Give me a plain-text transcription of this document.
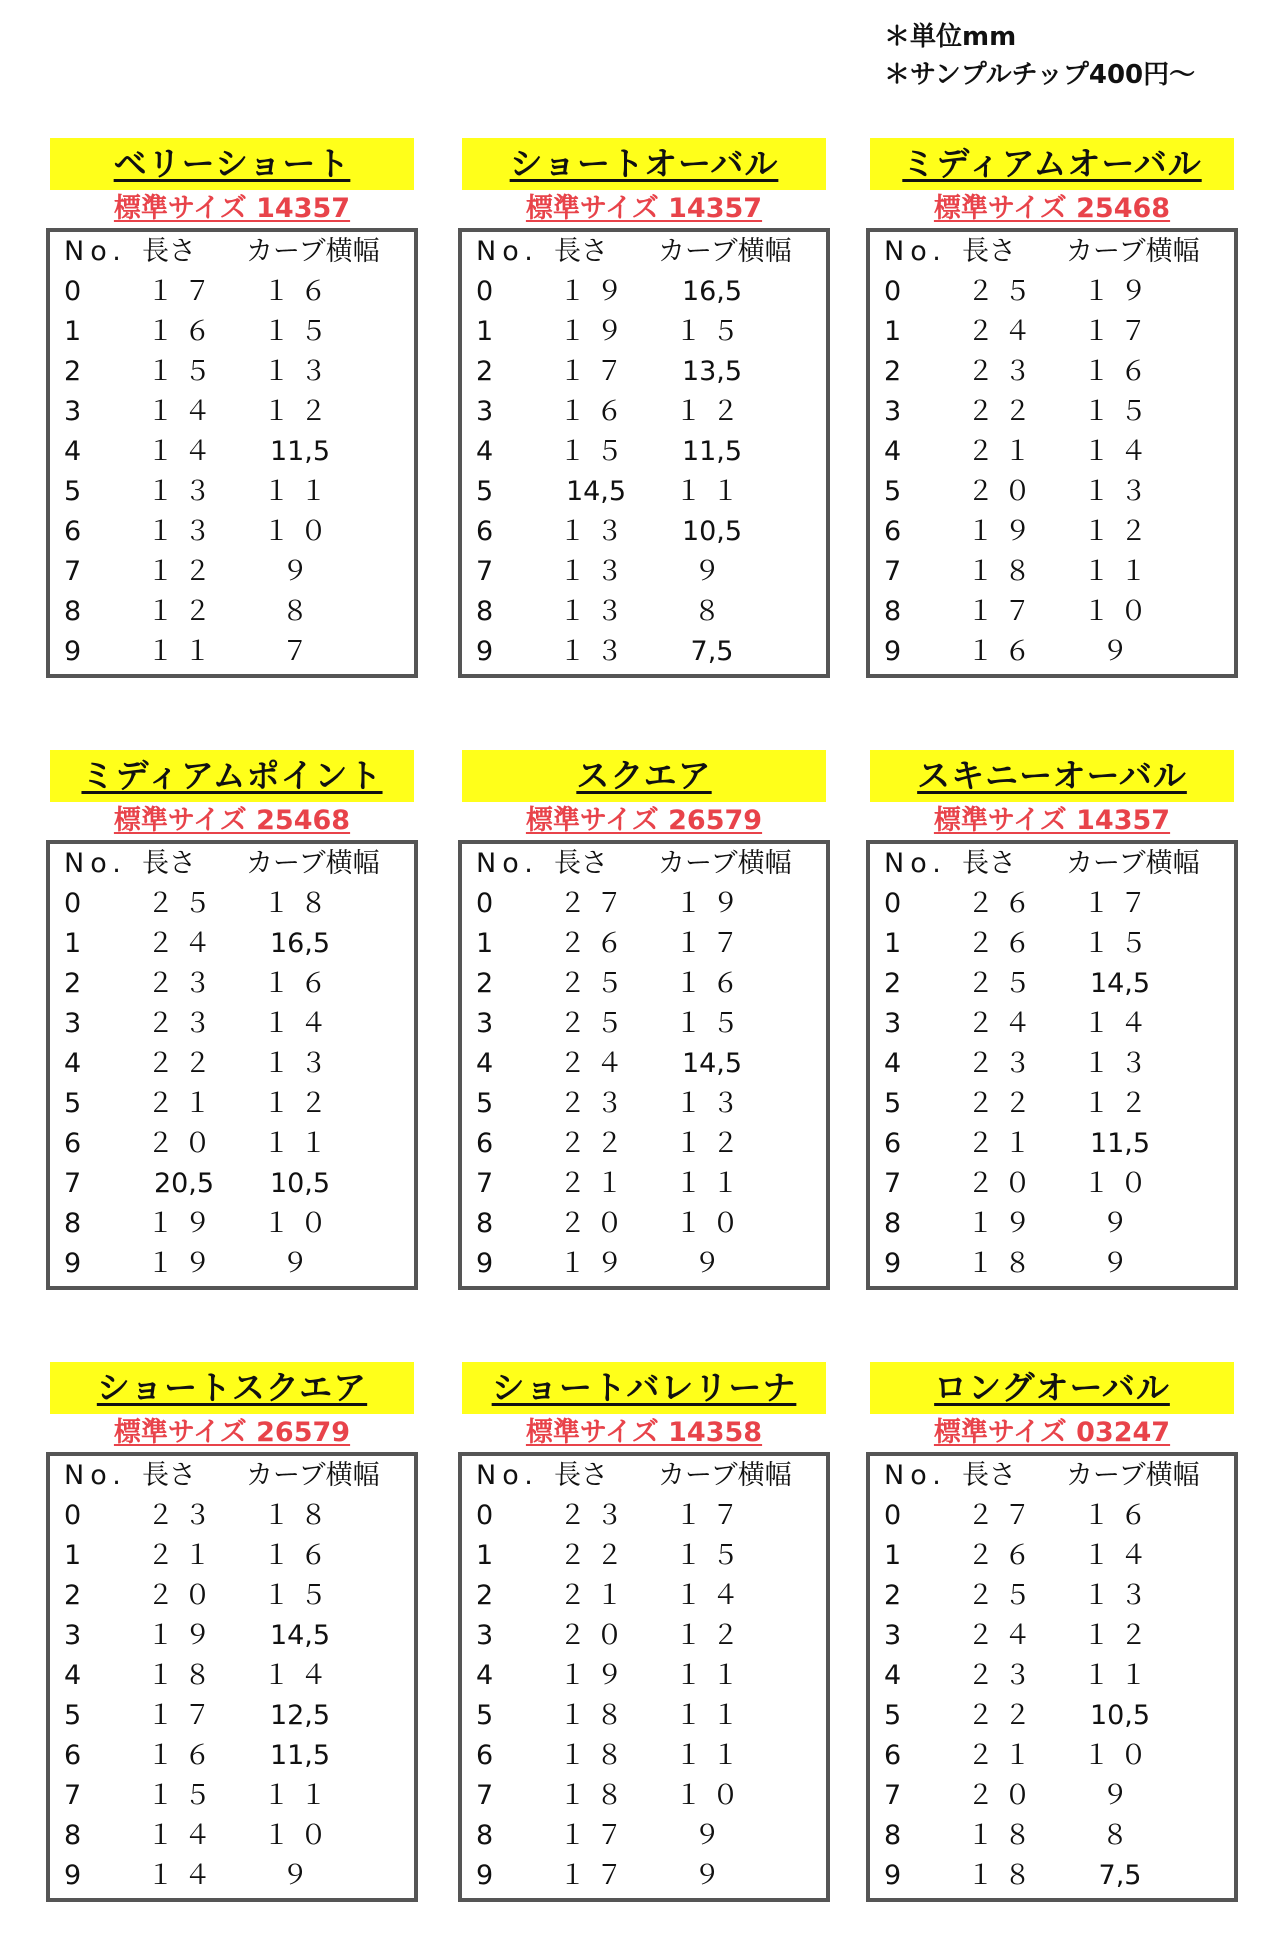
＊単位mm
＊サンプルチップ400円〜
ベリーショート
標準サイズ 14357
No. 長さ カーブ横幅
0	１７	１６
1	１６	１５
2	１５	１３
3	１４	１２
4	１４	11,5
5	１３	１１
6	１３	１０
7	１２	９
8	１２	８
9	１１	７
ショートオーバル
標準サイズ 14357
No. 長さ カーブ横幅
0	１９	16,5
1	１９	１５
2	１７	13,5
3	１６	１２
4	１５	11,5
5	14,5	１１
6	１３	10,5
7	１３	９
8	１３	８
9	１３	7,5
ミディアムオーバル
標準サイズ 25468
No. 長さ カーブ横幅
0	２５	１９
1	２４	１７
2	２３	１６
3	２２	１５
4	２１	１４
5	２０	１３
6	１９	１２
7	１８	１１
8	１７	１０
9	１６	９
ミディアムポイント
標準サイズ 25468
No. 長さ カーブ横幅
0	２５	１８
1	２４	16,5
2	２３	１６
3	２３	１４
4	２２	１３
5	２１	１２
6	２０	１１
7	20,5	10,5
8	１９	１０
9	１９	９
スクエア
標準サイズ 26579
No. 長さ カーブ横幅
0	２７	１９
1	２６	１７
2	２５	１６
3	２５	１５
4	２４	14,5
5	２３	１３
6	２２	１２
7	２１	１１
8	２０	１０
9	１９	９
スキニーオーバル
標準サイズ 14357
No. 長さ カーブ横幅
0	２６	１７
1	２６	１５
2	２５	14,5
3	２４	１４
4	２３	１３
5	２２	１２
6	２１	11,5
7	２０	１０
8	１９	９
9	１８	９
ショートスクエア
標準サイズ 26579
No. 長さ カーブ横幅
0	２３	１８
1	２１	１６
2	２０	１５
3	１９	14,5
4	１８	１４
5	１７	12,5
6	１６	11,5
7	１５	１１
8	１４	１０
9	１４	９
ショートバレリーナ
標準サイズ 14358
No. 長さ カーブ横幅
0	２３	１７
1	２２	１５
2	２１	１４
3	２０	１２
4	１９	１１
5	１８	１１
6	１８	１１
7	１８	１０
8	１７	９
9	１７	９
ロングオーバル
標準サイズ 03247
No. 長さ カーブ横幅
0	２７	１６
1	２６	１４
2	２５	１３
3	２４	１２
4	２３	１１
5	２２	10,5
6	２１	１０
7	２０	９
8	１８	８
9	１８	7,5
